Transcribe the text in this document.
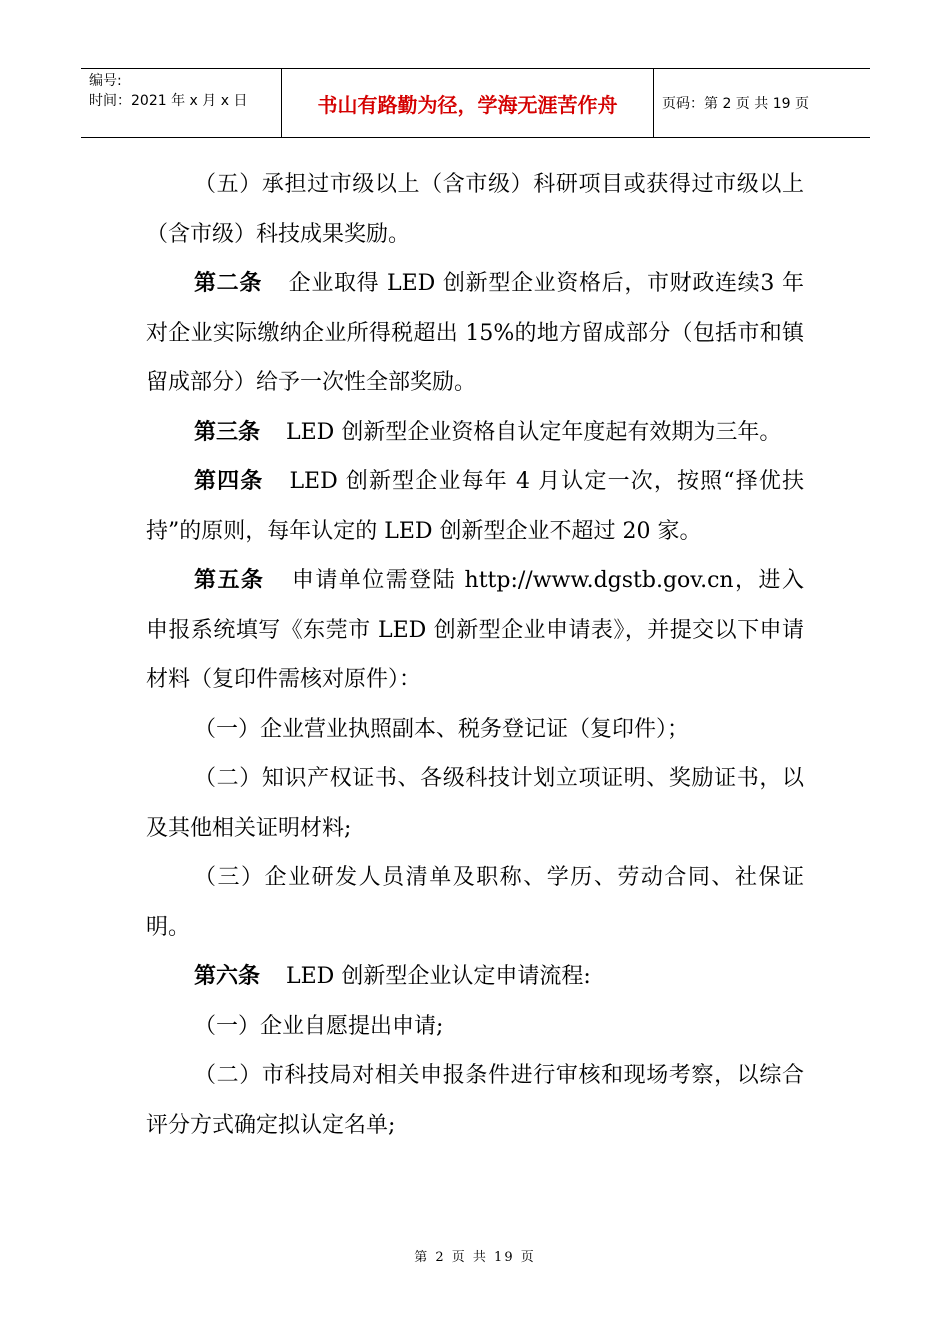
编号:
时间：2021 年 x 月 x 日	书山有路勤为径，学海无涯苦作舟	页码：第 2 页 共 19 页

（五）承担过市级以上（含市级）科研项目或获得过市级以上（含市级）科技成果奖励。

第二条 企业取得 LED 创新型企业资格后，市财政连续3 年对企业实际缴纳企业所得税超出 15%的地方留成部分（包括市和镇留成部分）给予一次性全部奖励。

第三条 LED 创新型企业资格自认定年度起有效期为三年。

第四条 LED 创新型企业每年 4 月认定一次，按照“择优扶持”的原则，每年认定的 LED 创新型企业不超过 20 家。

第五条 申请单位需登陆 http://www.dgstb.gov.cn，进入申报系统填写《东莞市 LED 创新型企业申请表》，并提交以下申请材料（复印件需核对原件）：

（一）企业营业执照副本、税务登记证（复印件）；

（二）知识产权证书、各级科技计划立项证明、奖励证书，以及其他相关证明材料;

（三）企业研发人员清单及职称、学历、劳动合同、社保证明。

第六条 LED 创新型企业认定申请流程:

（一）企业自愿提出申请;

（二）市科技局对相关申报条件进行审核和现场考察，以综合评分方式确定拟认定名单;

第 2 页 共 19 页
